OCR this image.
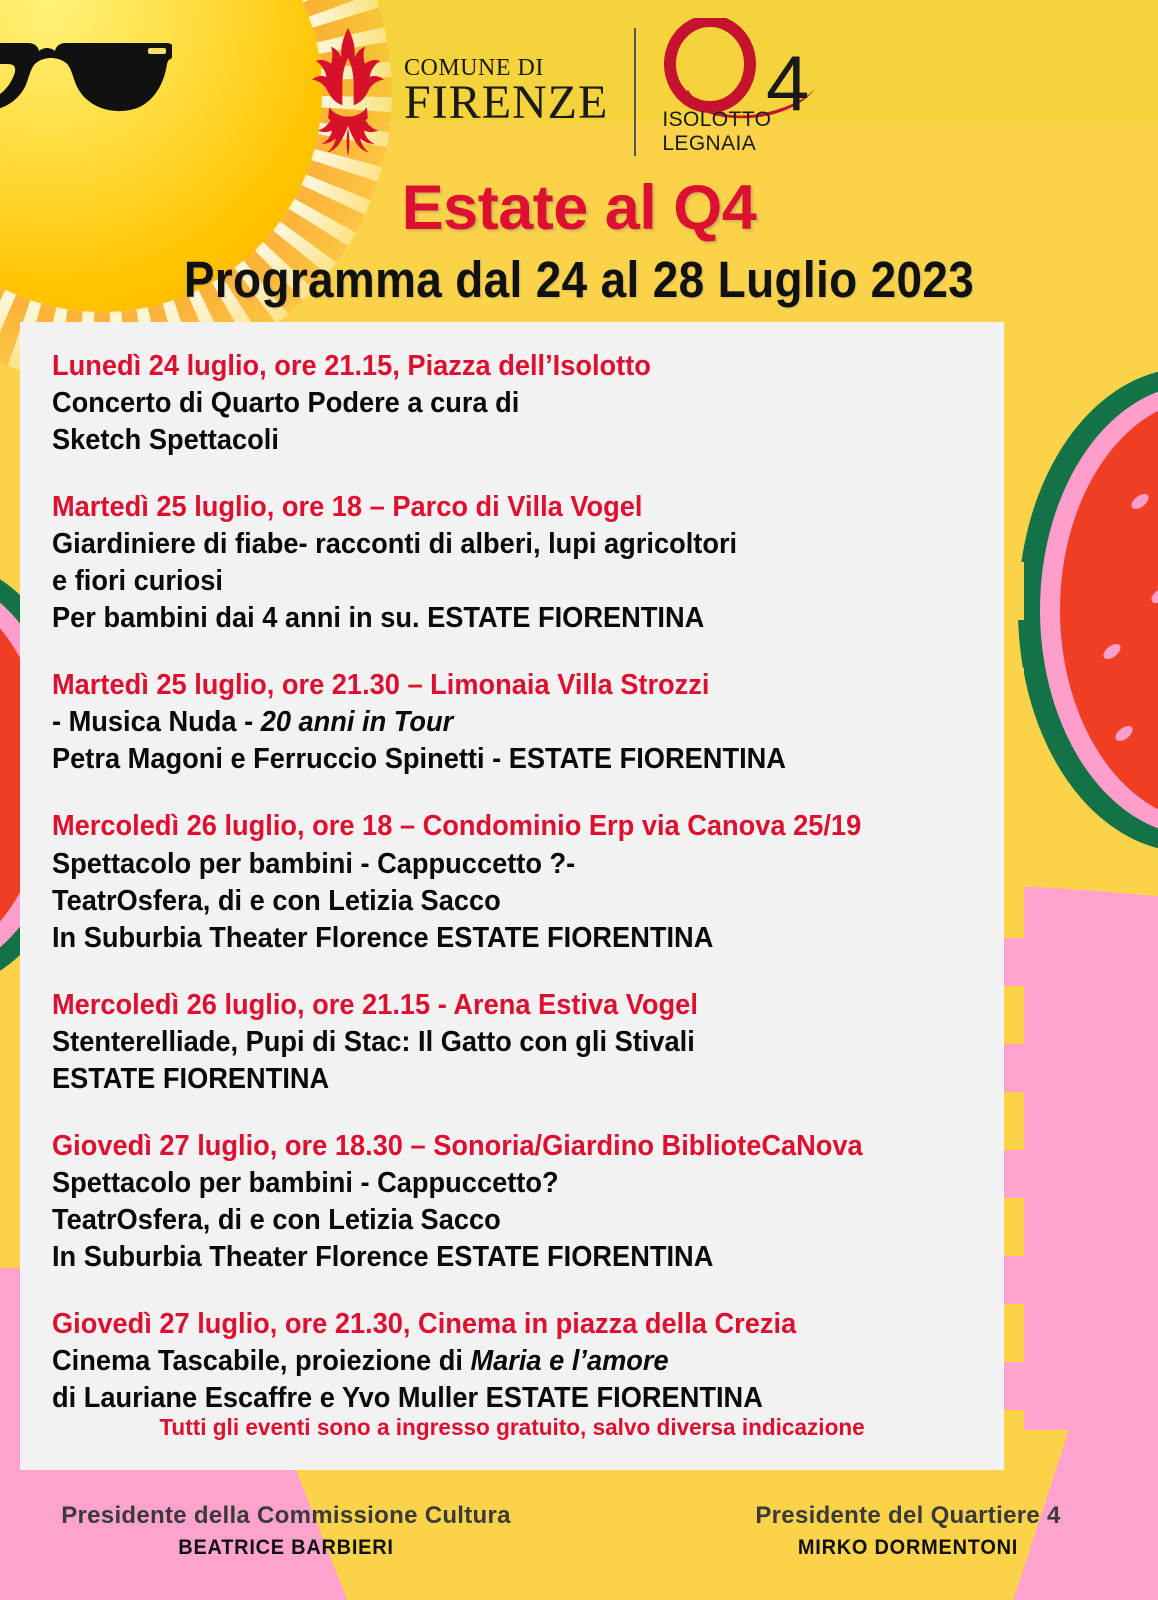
COMUNE DI
FIRENZE 4
ISOLOTTO LEGNAIA
Estate al Q4
Programma dal 24 al 28 Luglio 2023
Lunedì 24 luglio, ore 21.15, Piazza dell’Isolotto
Concerto di Quarto Podere a cura di
Sketch Spettacoli
Martedì 25 luglio, ore 18 – Parco di Villa Vogel
Giardiniere di fiabe- racconti di alberi, lupi agricoltori
e fiori curiosi
Per bambini dai 4 anni in su. ESTATE FIORENTINA
Martedì 25 luglio, ore 21.30 – Limonaia Villa Strozzi
- Musica Nuda - 20 anni in Tour
Petra Magoni e Ferruccio Spinetti - ESTATE FIORENTINA
Mercoledì 26 luglio, ore 18 – Condominio Erp via Canova 25/19
Spettacolo per bambini - Cappuccetto ?-
TeatrOsfera, di e con Letizia Sacco
In Suburbia Theater Florence ESTATE FIORENTINA
Mercoledì 26 luglio, ore 21.15 - Arena Estiva Vogel
Stenterelliade, Pupi di Stac: Il Gatto con gli Stivali
ESTATE FIORENTINA
Giovedì 27 luglio, ore 18.30 – Sonoria/Giardino BiblioteCaNova
Spettacolo per bambini - Cappuccetto?
TeatrOsfera, di e con Letizia Sacco
In Suburbia Theater Florence ESTATE FIORENTINA
Giovedì 27 luglio, ore 21.30, Cinema in piazza della Crezia
Cinema Tascabile, proiezione di Maria e l’amore
di Lauriane Escaffre e Yvo Muller ESTATE FIORENTINA
Tutti gli eventi sono a ingresso gratuito, salvo diversa indicazione
Presidente della Commissione Cultura
BEATRICE BARBIERI
Presidente del Quartiere 4
MIRKO DORMENTONI
